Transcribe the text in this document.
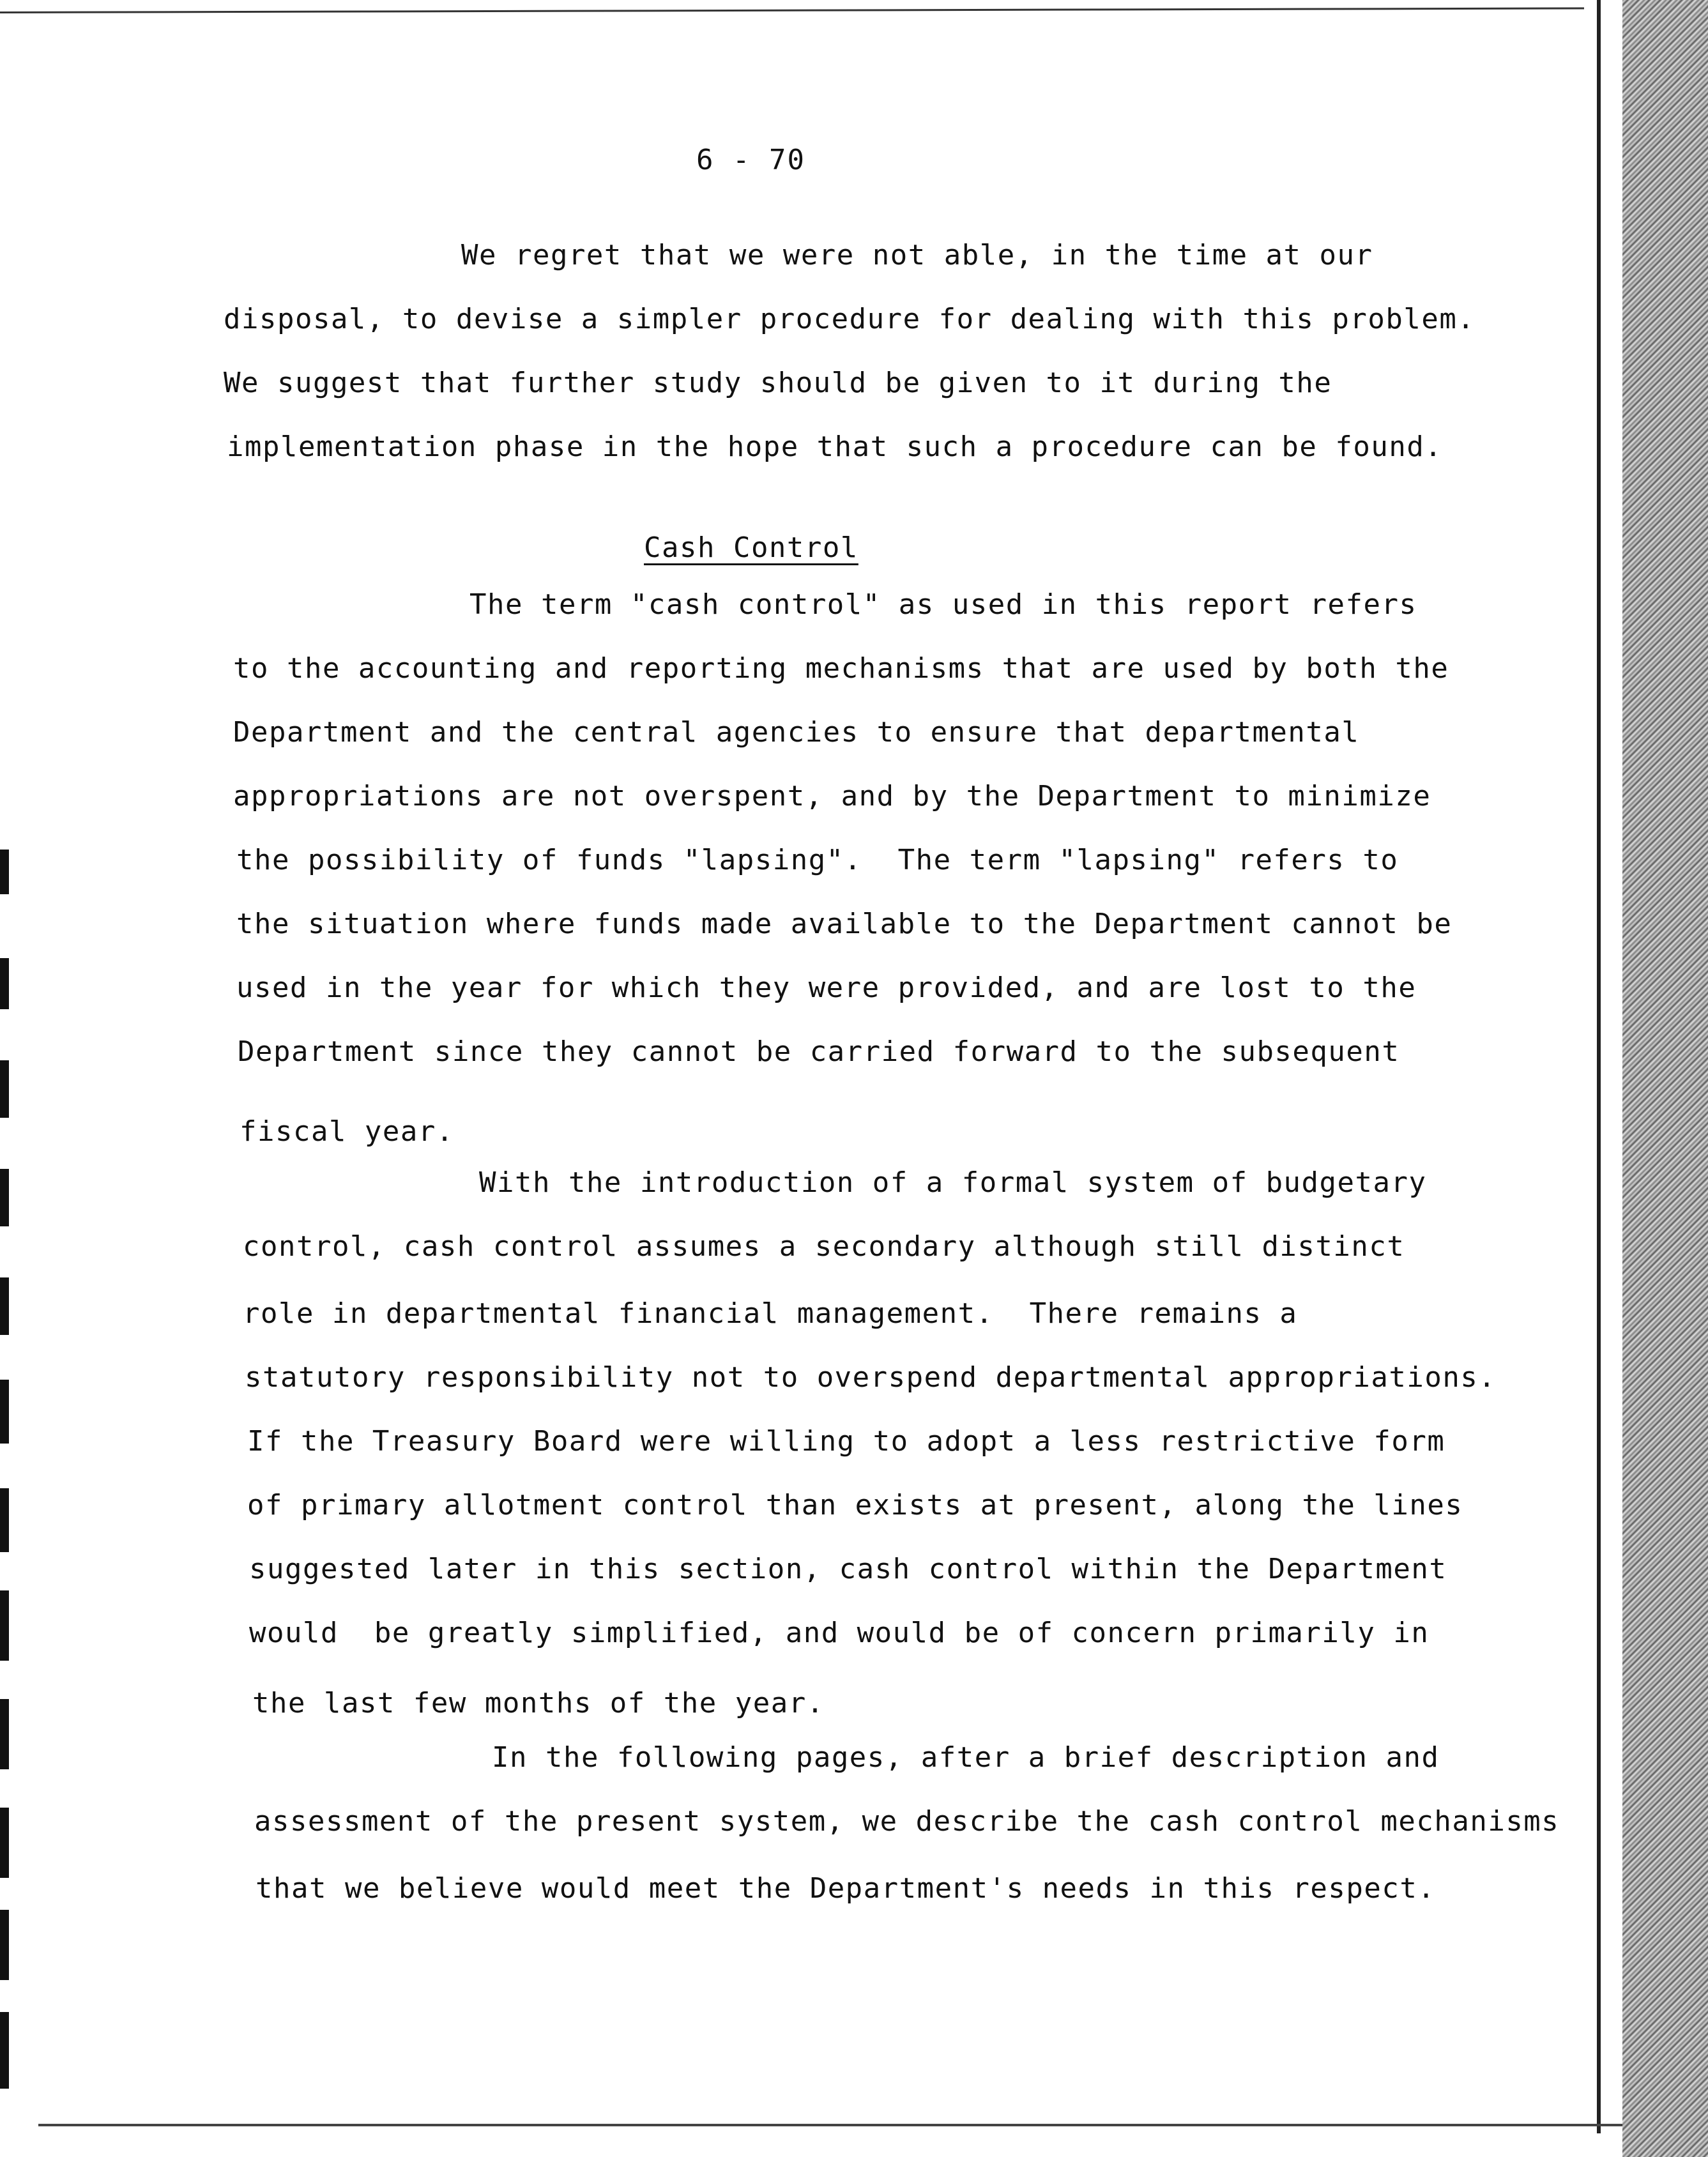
6 - 70
We regret that we were not able, in the time at our
disposal, to devise a simpler procedure for dealing with this problem.
We suggest that further study should be given to it during the
implementation phase in the hope that such a procedure can be found.
Cash Control
The term "cash control" as used in this report refers
to the accounting and reporting mechanisms that are used by both the
Department and the central agencies to ensure that departmental
appropriations are not overspent, and by the Department to minimize
the possibility of funds "lapsing".  The term "lapsing" refers to
the situation where funds made available to the Department cannot be
used in the year for which they were provided, and are lost to the
Department since they cannot be carried forward to the subsequent
fiscal year.
With the introduction of a formal system of budgetary
control, cash control assumes a secondary although still distinct
role in departmental financial management.  There remains a
statutory responsibility not to overspend departmental appropriations.
If the Treasury Board were willing to adopt a less restrictive form
of primary allotment control than exists at present, along the lines
suggested later in this section, cash control within the Department
would  be greatly simplified, and would be of concern primarily in
the last few months of the year.
In the following pages, after a brief description and
assessment of the present system, we describe the cash control mechanisms
that we believe would meet the Department's needs in this respect.
